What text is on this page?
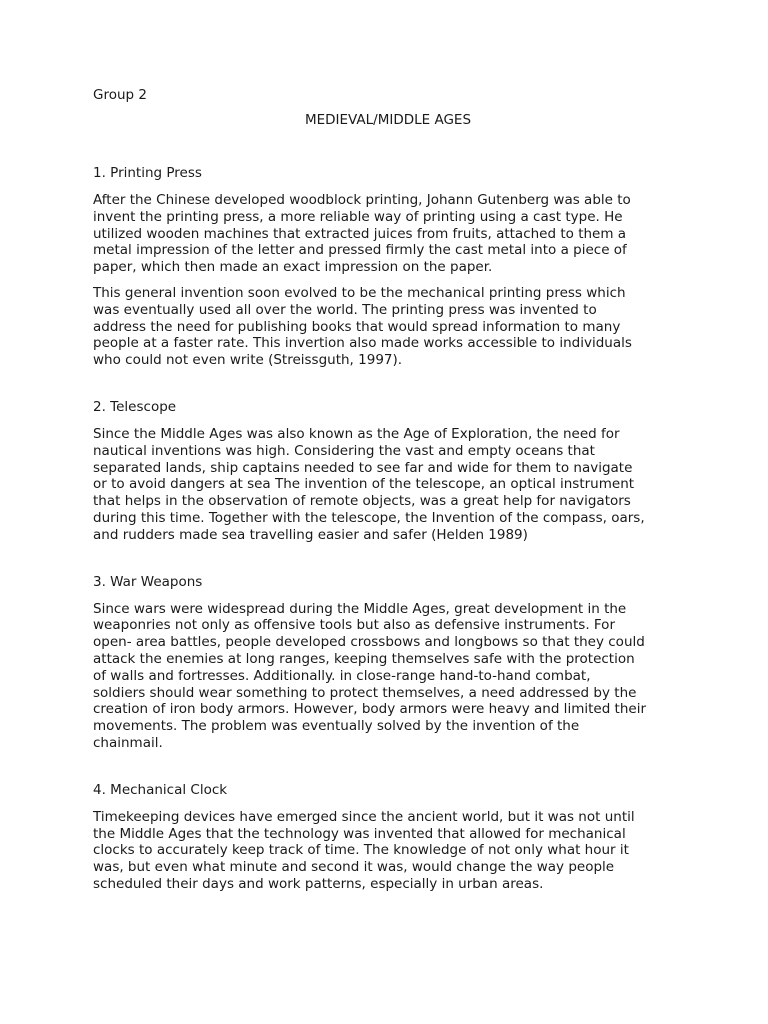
Group 2

MEDIEVAL/MIDDLE AGES

1. Printing Press

After the Chinese developed woodblock printing, Johann Gutenberg was able to
invent the printing press, a more reliable way of printing using a cast type. He
utilized wooden machines that extracted juices from fruits, attached to them a
metal impression of the letter and pressed firmly the cast metal into a piece of
paper, which then made an exact impression on the paper.

This general invention soon evolved to be the mechanical printing press which
was eventually used all over the world. The printing press was invented to
address the need for publishing books that would spread information to many
people at a faster rate. This invertion also made works accessible to individuals
who could not even write (Streissguth, 1997).

2. Telescope

Since the Middle Ages was also known as the Age of Exploration, the need for
nautical inventions was high. Considering the vast and empty oceans that
separated lands, ship captains needed to see far and wide for them to navigate
or to avoid dangers at sea The invention of the telescope, an optical instrument
that helps in the observation of remote objects, was a great help for navigators
during this time. Together with the telescope, the Invention of the compass, oars,
and rudders made sea travelling easier and safer (Helden 1989)

3. War Weapons

Since wars were widespread during the Middle Ages, great development in the
weaponries not only as offensive tools but also as defensive instruments. For
open- area battles, people developed crossbows and longbows so that they could
attack the enemies at long ranges, keeping themselves safe with the protection
of walls and fortresses. Additionally. in close-range hand-to-hand combat,
soldiers should wear something to protect themselves, a need addressed by the
creation of iron body armors. However, body armors were heavy and limited their
movements. The problem was eventually solved by the invention of the
chainmail.

4. Mechanical Clock

Timekeeping devices have emerged since the ancient world, but it was not until
the Middle Ages that the technology was invented that allowed for mechanical
clocks to accurately keep track of time. The knowledge of not only what hour it
was, but even what minute and second it was, would change the way people
scheduled their days and work patterns, especially in urban areas.
